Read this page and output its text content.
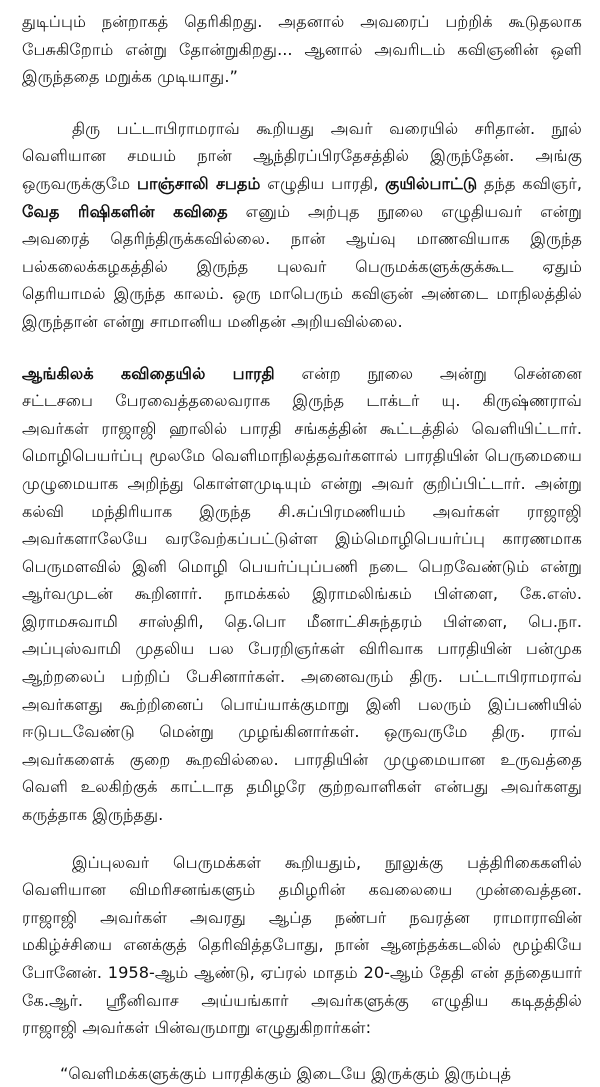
துடிப்பும் நன்றாகத் தெரிகிறது. அதனால் அவரைப் பற்றிக் கூடுதலாக
பேசுகிறோம் என்று தோன்றுகிறது... ஆனால் அவரிடம் கவிஞனின் ஒளி
இருந்ததை மறுக்க முடியாது.”
திரு பட்டாபிராமராவ் கூறியது அவர் வரையில் சரிதான். நூல்
வெளியான சமயம் நான் ஆந்திரப்பிரதேசத்தில் இருந்தேன். அங்கு
ஒருவருக்குமே பாஞ்சாலி சபதம் எழுதிய பாரதி, குயில்பாட்டு தந்த கவிஞர்,
வேத ரிஷிகளின் கவிதை எனும் அற்புத நூலை எழுதியவர் என்று
அவரைத் தெரிந்திருக்கவில்லை. நான் ஆய்வு மாணவியாக இருந்த
பல்கலைக்கழகத்தில் இருந்த புலவர் பெருமக்களுக்குக்கூட ஏதும்
தெரியாமல் இருந்த காலம். ஒரு மாபெரும் கவிஞன் அண்டை மாநிலத்தில்
இருந்தான் என்று சாமானிய மனிதன் அறியவில்லை.
ஆங்கிலக் கவிதையில் பாரதி என்ற நூலை அன்று சென்னை
சட்டசபை பேரவைத்தலைவராக இருந்த டாக்டர் யு. கிருஷ்ணராவ்
அவர்கள் ராஜாஜி ஹாலில் பாரதி சங்கத்தின் கூட்டத்தில் வெளியிட்டார்.
மொழிபெயர்ப்பு மூலமே வெளிமாநிலத்தவர்களால் பாரதியின் பெருமையை
முழுமையாக அறிந்து கொள்ளமுடியும் என்று அவர் குறிப்பிட்டார். அன்று
கல்வி மந்திரியாக இருந்த சி.சுப்பிரமணியம் அவர்கள் ராஜாஜி
அவர்களாலேயே வரவேற்கப்பட்டுள்ள இம்மொழிபெயர்ப்பு காரணமாக
பெருமளவில் இனி மொழி பெயர்ப்புப்பணி நடை பெறவேண்டும் என்று
ஆர்வமுடன் கூறினார். நாமக்கல் இராமலிங்கம் பிள்ளை, கே.எஸ்.
இராமசுவாமி சாஸ்திரி, தெ.பொ மீனாட்சிசுந்தரம் பிள்ளை, பெ.நா.
அப்புஸ்வாமி முதலிய பல பேரறிஞர்கள் விரிவாக பாரதியின் பன்முக
ஆற்றலைப் பற்றிப் பேசினார்கள். அனைவரும் திரு. பட்டாபிராமராவ்
அவர்களது கூற்றினைப் பொய்யாக்குமாறு இனி பலரும் இப்பணியில்
ஈடுபடவேண்டு மென்று முழங்கினார்கள். ஒருவருமே திரு. ராவ்
அவர்களைக் குறை கூறவில்லை. பாரதியின் முழுமையான உருவத்தை
வெளி உலகிற்குக் காட்டாத தமிழரே குற்றவாளிகள் என்பது அவர்களது
கருத்தாக இருந்தது.
இப்புலவர் பெருமக்கள் கூறியதும், நூலுக்கு பத்திரிகைகளில்
வெளியான விமரிசனங்களும் தமிழரின் கவலையை முன்வைத்தன.
ராஜாஜி அவர்கள் அவரது ஆப்த நண்பர் நவரத்ன ராமாராவின்
மகிழ்ச்சியை எனக்குத் தெரிவித்தபோது, நான் ஆனந்தக்கடலில் மூழ்கியே
போனேன். 1958-ஆம் ஆண்டு, ஏப்ரல் மாதம் 20-ஆம் தேதி என் தந்தையார்
கே.ஆர். ஸ்ரீனிவாச அய்யங்கார் அவர்களுக்கு எழுதிய கடிதத்தில்
ராஜாஜி அவர்கள் பின்வருமாறு எழுதுகிறார்கள்:
“வெளிமக்களுக்கும் பாரதிக்கும் இடையே இருக்கும் இரும்புத்
